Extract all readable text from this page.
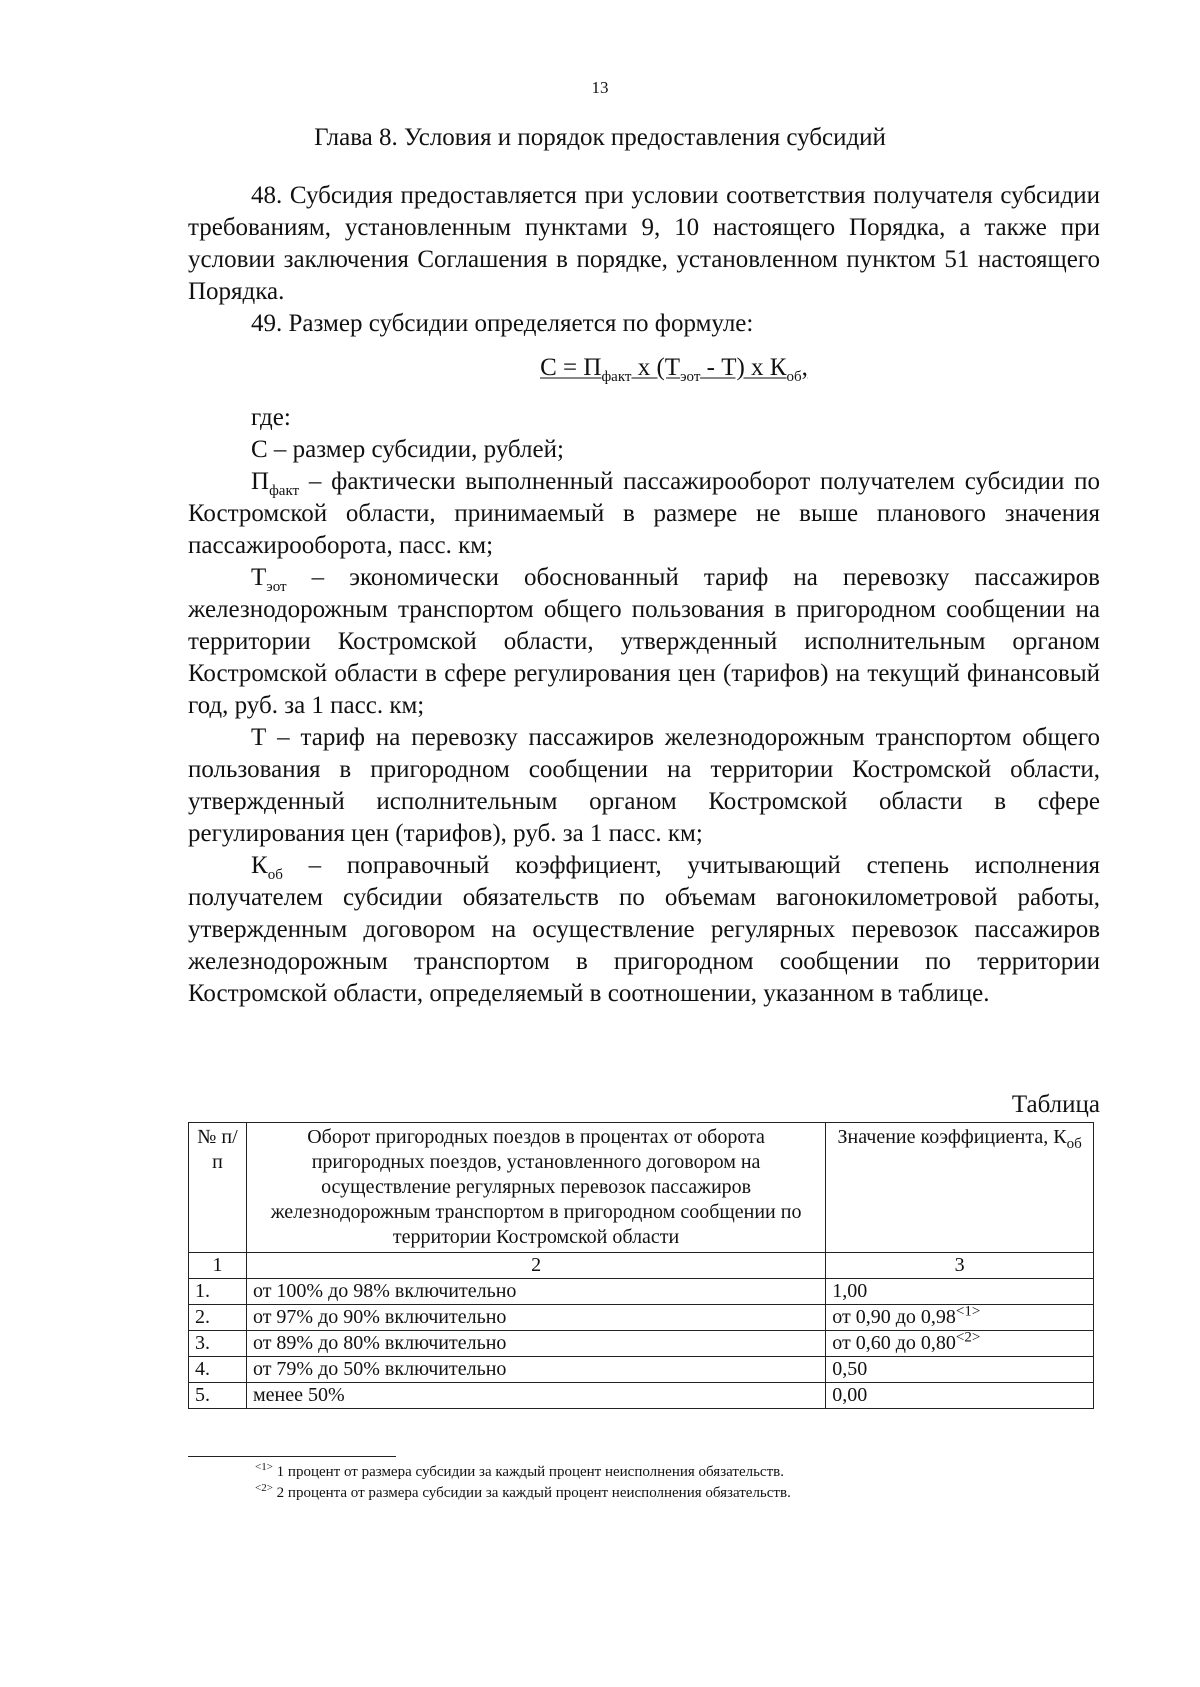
13
Глава 8. Условия и порядок предоставления субсидий

48. Субсидия предоставляется при условии соответствия получателя субсидии требованиям, установленным пунктами 9, 10 настоящего Порядка, а также при условии заключения Соглашения в порядке, установленном пунктом 51 настоящего Порядка.

49. Размер субсидии определяется по формуле:

$С = П_{факт}$ х $(Т_{эот} - Т)$ х $К_{об}$,

где:

С – размер субсидии, рублей;

$П_{факт}$ – фактически выполненный пассажирооборот получателем субсидии по Костромской области, принимаемый в размере не выше планового значения пассажирооборота, пасс. км;

$Т_{эот}$ – экономически обоснованный тариф на перевозку пассажиров железнодорожным транспортом общего пользования в пригородном сообщении на территории Костромской области, утвержденный исполнительным органом Костромской области в сфере регулирования цен (тарифов) на текущий финансовый год, руб. за 1 пасс. км;

Т – тариф на перевозку пассажиров железнодорожным транспортом общего пользования в пригородном сообщении на территории Костромской области, утвержденный исполнительным органом Костромской области в сфере регулирования цен (тарифов), руб. за 1 пасс. км;

$К_{об}$ – поправочный коэффициент, учитывающий степень исполнения получателем субсидии обязательств по объемам вагонокилометровой работы, утвержденным договором на осуществление регулярных перевозок пассажиров железнодорожным транспортом в пригородном сообщении по территории Костромской области, определяемый в соотношении, указанном в таблице.

Таблица
№ п/п	Оборот пригородных поездов в процентах от оборота пригородных поездов, установленного договором на осуществление регулярных перевозок пассажиров железнодорожным транспортом в пригородном сообщении по территории Костромской области	Значение коэффициента, $К_{об}$
1	2	3
1.	от 100% до 98% включительно	1,00
2.	от 97% до 90% включительно	от 0,90 до $0,98^{<1>}$
3.	от 89% до 80% включительно	от 0,60 до $0,80^{<2>}$
4.	от 79% до 50% включительно	0,50
5.	менее 50%	0,00
$^{<1>}$ 1 процент от размера субсидии за каждый процент неисполнения обязательств.
$^{<2>}$ 2 процента от размера субсидии за каждый процент неисполнения обязательств.
